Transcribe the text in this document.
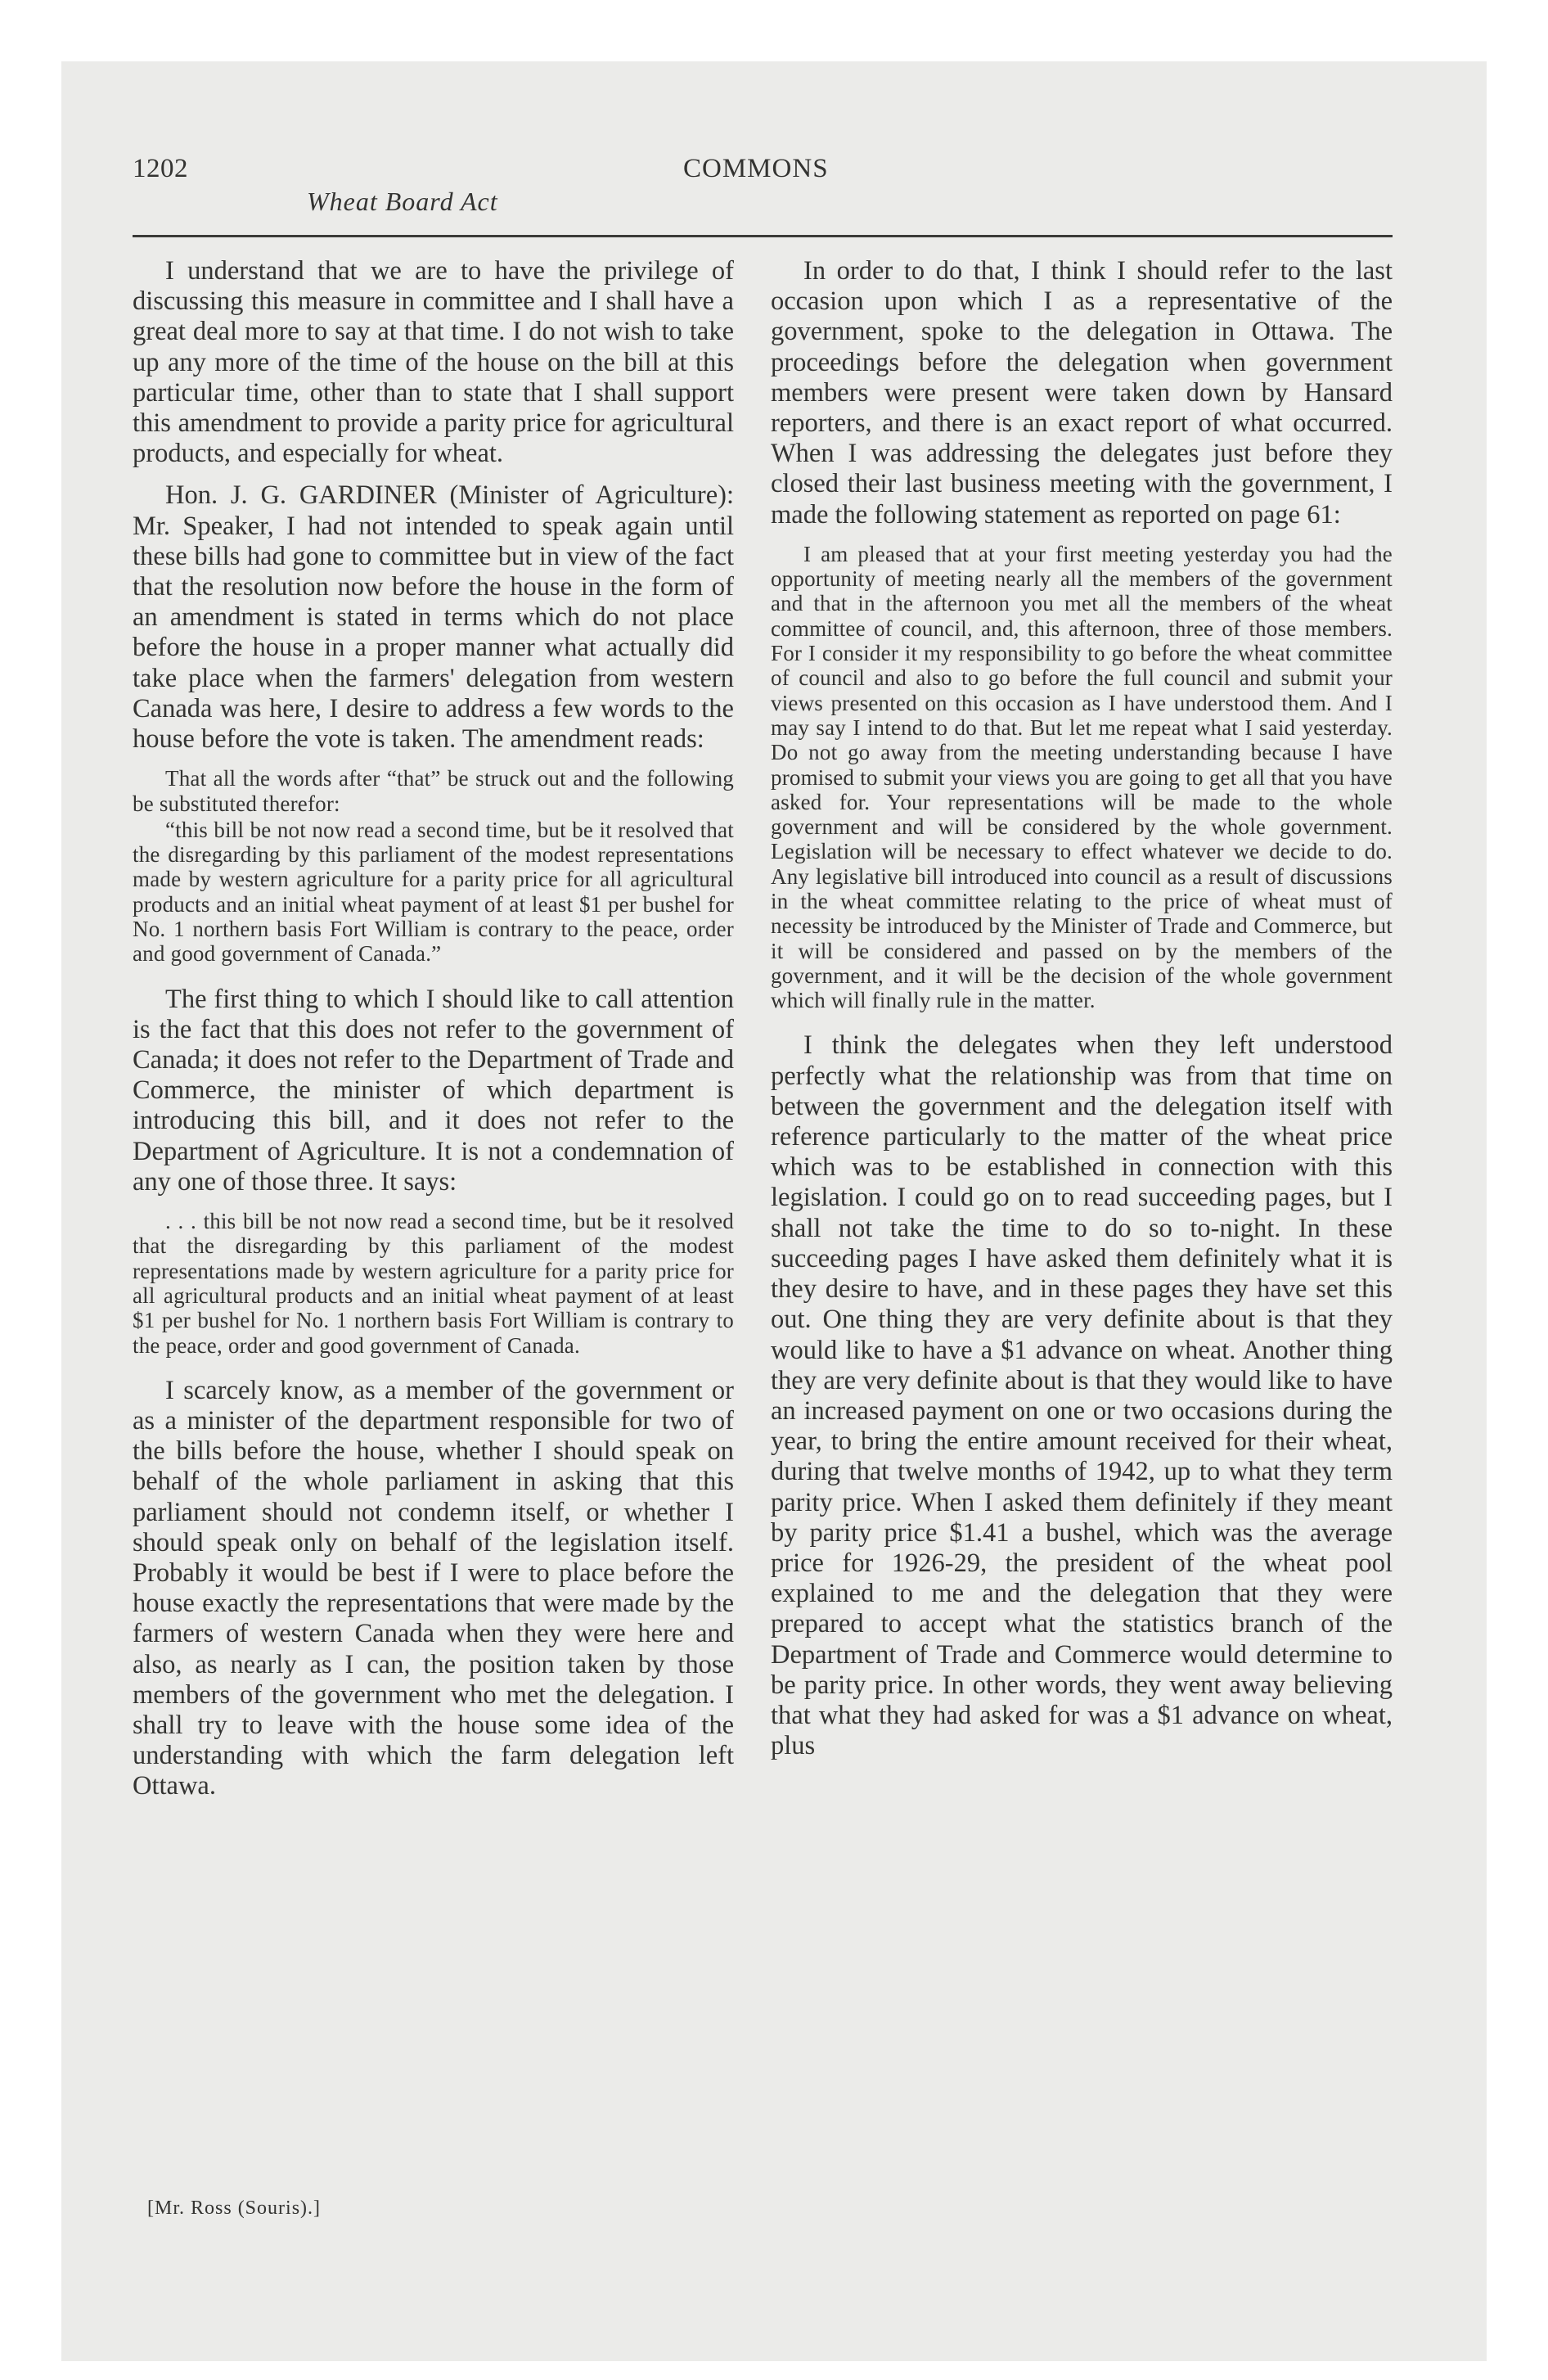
1202	COMMONS
Wheat Board Act

I understand that we are to have the privilege of discussing this measure in committee and I shall have a great deal more to say at that time. I do not wish to take up any more of the time of the house on the bill at this particular time, other than to state that I shall support this amendment to provide a parity price for agricultural products, and especially for wheat.

Hon. J. G. GARDINER (Minister of Agriculture): Mr. Speaker, I had not intended to speak again until these bills had gone to committee but in view of the fact that the resolution now before the house in the form of an amendment is stated in terms which do not place before the house in a proper manner what actually did take place when the farmers' delegation from western Canada was here, I desire to address a few words to the house before the vote is taken. The amendment reads:

That all the words after “that” be struck out and the following be substituted therefor:

“this bill be not now read a second time, but be it resolved that the disregarding by this parliament of the modest representations made by western agriculture for a parity price for all agricultural products and an initial wheat payment of at least $1 per bushel for No. 1 northern basis Fort William is contrary to the peace, order and good government of Canada.”

The first thing to which I should like to call attention is the fact that this does not refer to the government of Canada; it does not refer to the Department of Trade and Commerce, the minister of which department is introducing this bill, and it does not refer to the Department of Agriculture. It is not a condemnation of any one of those three. It says:

. . . this bill be not now read a second time, but be it resolved that the disregarding by this parliament of the modest representations made by western agriculture for a parity price for all agricultural products and an initial wheat payment of at least $1 per bushel for No. 1 northern basis Fort William is contrary to the peace, order and good government of Canada.

I scarcely know, as a member of the government or as a minister of the department responsible for two of the bills before the house, whether I should speak on behalf of the whole parliament in asking that this parliament should not condemn itself, or whether I should speak only on behalf of the legislation itself. Probably it would be best if I were to place before the house exactly the representations that were made by the farmers of western Canada when they were here and also, as nearly as I can, the position taken by those members of the government who met the delegation. I shall try to leave with the house some idea of the understanding with which the farm delegation left Ottawa.

In order to do that, I think I should refer to the last occasion upon which I as a representative of the government, spoke to the delegation in Ottawa. The proceedings before the delegation when government members were present were taken down by Hansard reporters, and there is an exact report of what occurred. When I was addressing the delegates just before they closed their last business meeting with the government, I made the following statement as reported on page 61:

I am pleased that at your first meeting yesterday you had the opportunity of meeting nearly all the members of the government and that in the afternoon you met all the members of the wheat committee of council, and, this afternoon, three of those members. For I consider it my responsibility to go before the wheat committee of council and also to go before the full council and submit your views presented on this occasion as I have understood them. And I may say I intend to do that. But let me repeat what I said yesterday. Do not go away from the meeting understanding because I have promised to submit your views you are going to get all that you have asked for. Your representations will be made to the whole government and will be considered by the whole government. Legislation will be necessary to effect whatever we decide to do. Any legislative bill introduced into council as a result of discussions in the wheat committee relating to the price of wheat must of necessity be introduced by the Minister of Trade and Commerce, but it will be considered and passed on by the members of the government, and it will be the decision of the whole government which will finally rule in the matter.

I think the delegates when they left understood perfectly what the relationship was from that time on between the government and the delegation itself with reference particularly to the matter of the wheat price which was to be established in connection with this legislation. I could go on to read succeeding pages, but I shall not take the time to do so to-night. In these succeeding pages I have asked them definitely what it is they desire to have, and in these pages they have set this out. One thing they are very definite about is that they would like to have a $1 advance on wheat. Another thing they are very definite about is that they would like to have an increased payment on one or two occasions during the year, to bring the entire amount received for their wheat, during that twelve months of 1942, up to what they term parity price. When I asked them definitely if they meant by parity price $1.41 a bushel, which was the average price for 1926-29, the president of the wheat pool explained to me and the delegation that they were prepared to accept what the statistics branch of the Department of Trade and Commerce would determine to be parity price. In other words, they went away believing that what they had asked for was a $1 advance on wheat, plus

[Mr. Ross (Souris).]
